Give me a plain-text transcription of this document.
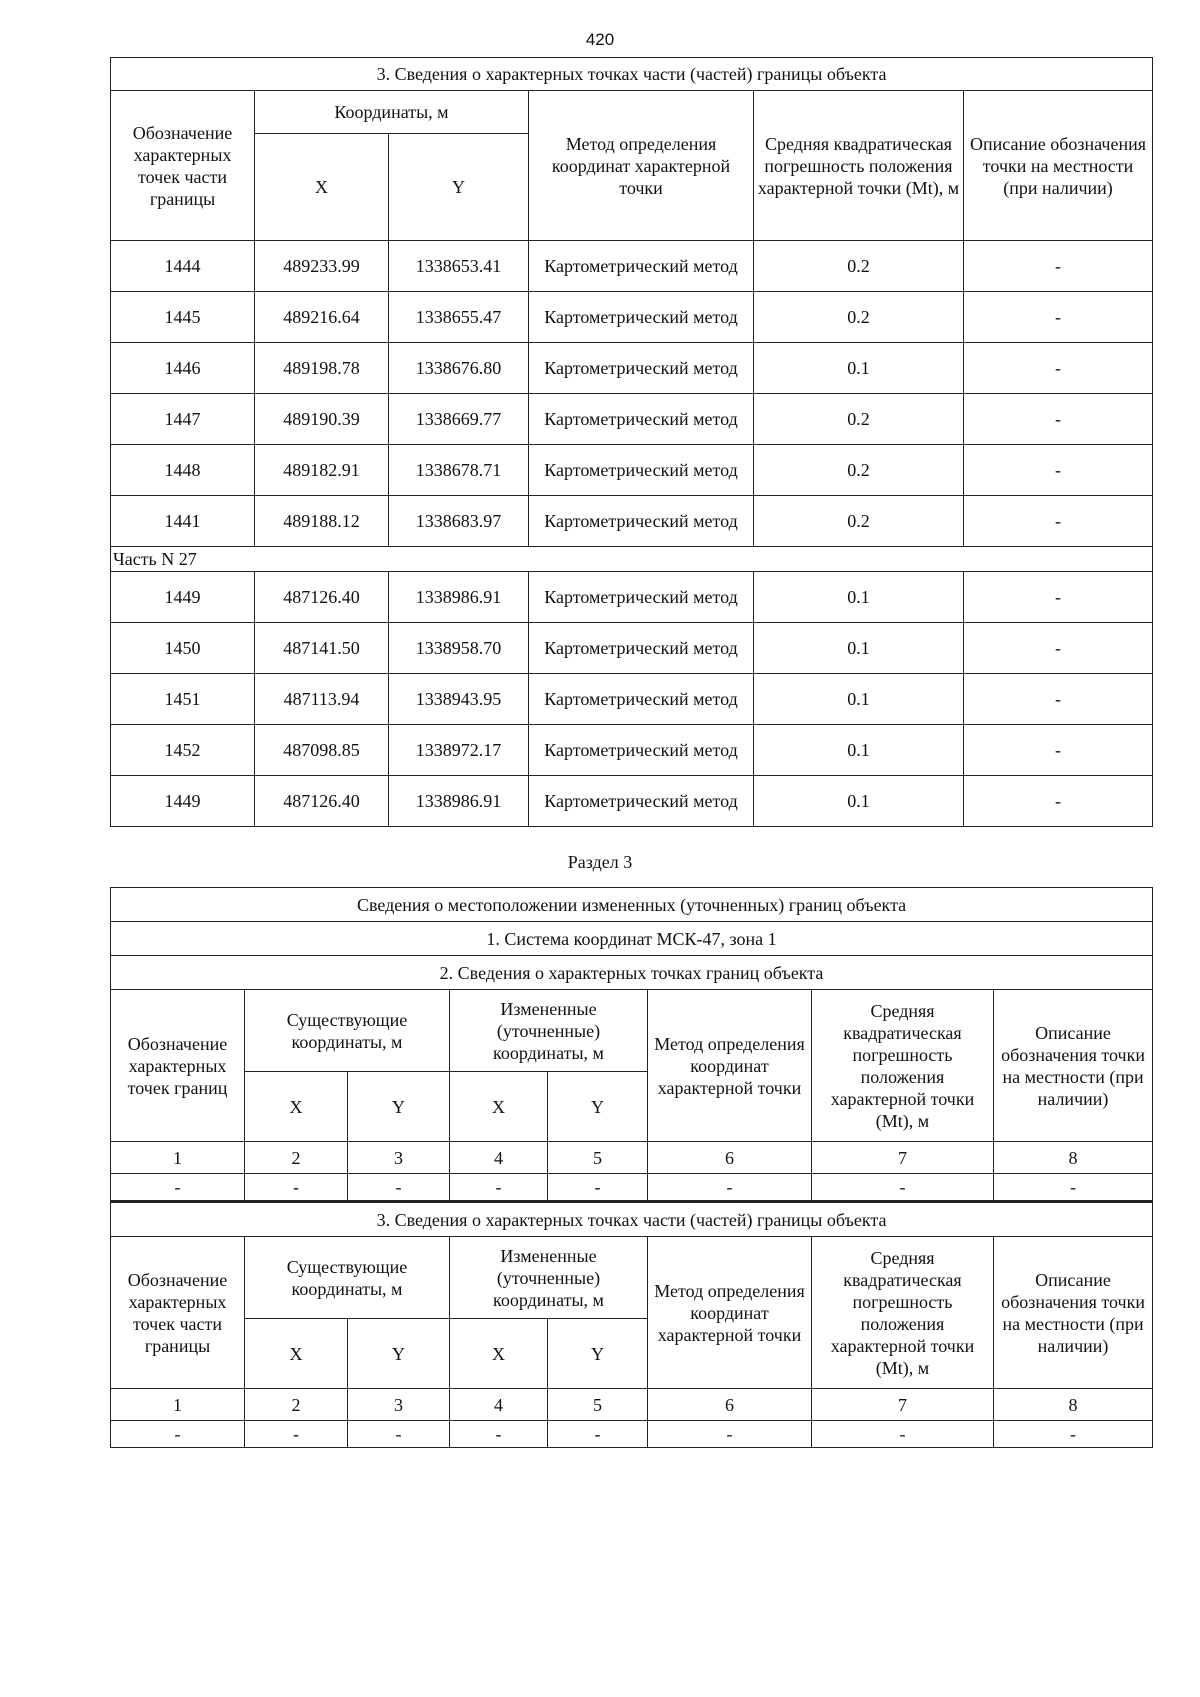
420
3. Сведения о характерных точках части (частей) границы объекта					
Обозначение характерных точек части границы	Координаты, м		Метод определения координат характерной точки	Средняя квадратическая погрешность положения характерной точки (Mt), м	Описание обозначения точки на местности (при наличии)
	X	Y			
1444	489233.99	1338653.41	Картометрический метод	0.2	-
1445	489216.64	1338655.47	Картометрический метод	0.2	-
1446	489198.78	1338676.80	Картометрический метод	0.1	-
1447	489190.39	1338669.77	Картометрический метод	0.2	-
1448	489182.91	1338678.71	Картометрический метод	0.2	-
1441	489188.12	1338683.97	Картометрический метод	0.2	-
Часть N 27					
1449	487126.40	1338986.91	Картометрический метод	0.1	-
1450	487141.50	1338958.70	Картометрический метод	0.1	-
1451	487113.94	1338943.95	Картометрический метод	0.1	-
1452	487098.85	1338972.17	Картометрический метод	0.1	-
1449	487126.40	1338986.91	Картометрический метод	0.1	-
Раздел 3
Сведения о местоположении измененных (уточненных) границ объекта							
1. Система координат МСК-47, зона 1							
2. Сведения о характерных точках границ объекта							
Обозначение характерных точек границ	Существующие координаты, м		Измененные (уточненные) координаты, м		Метод определения координат характерной точки	Средняя квадратическая погрешность положения характерной точки (Mt), м	Описание обозначения точки на местности (при наличии)
	X	Y	X	Y			
1	2	3	4	5	6	7	8
-	-	-	-	-	-	-	-
3. Сведения о характерных точках части (частей) границы объекта							
Обозначение характерных точек части границы	Существующие координаты, м		Измененные (уточненные) координаты, м		Метод определения координат характерной точки	Средняя квадратическая погрешность положения характерной точки (Mt), м	Описание обозначения точки на местности (при наличии)
	X	Y	X	Y			
1	2	3	4	5	6	7	8
-	-	-	-	-	-	-	-
